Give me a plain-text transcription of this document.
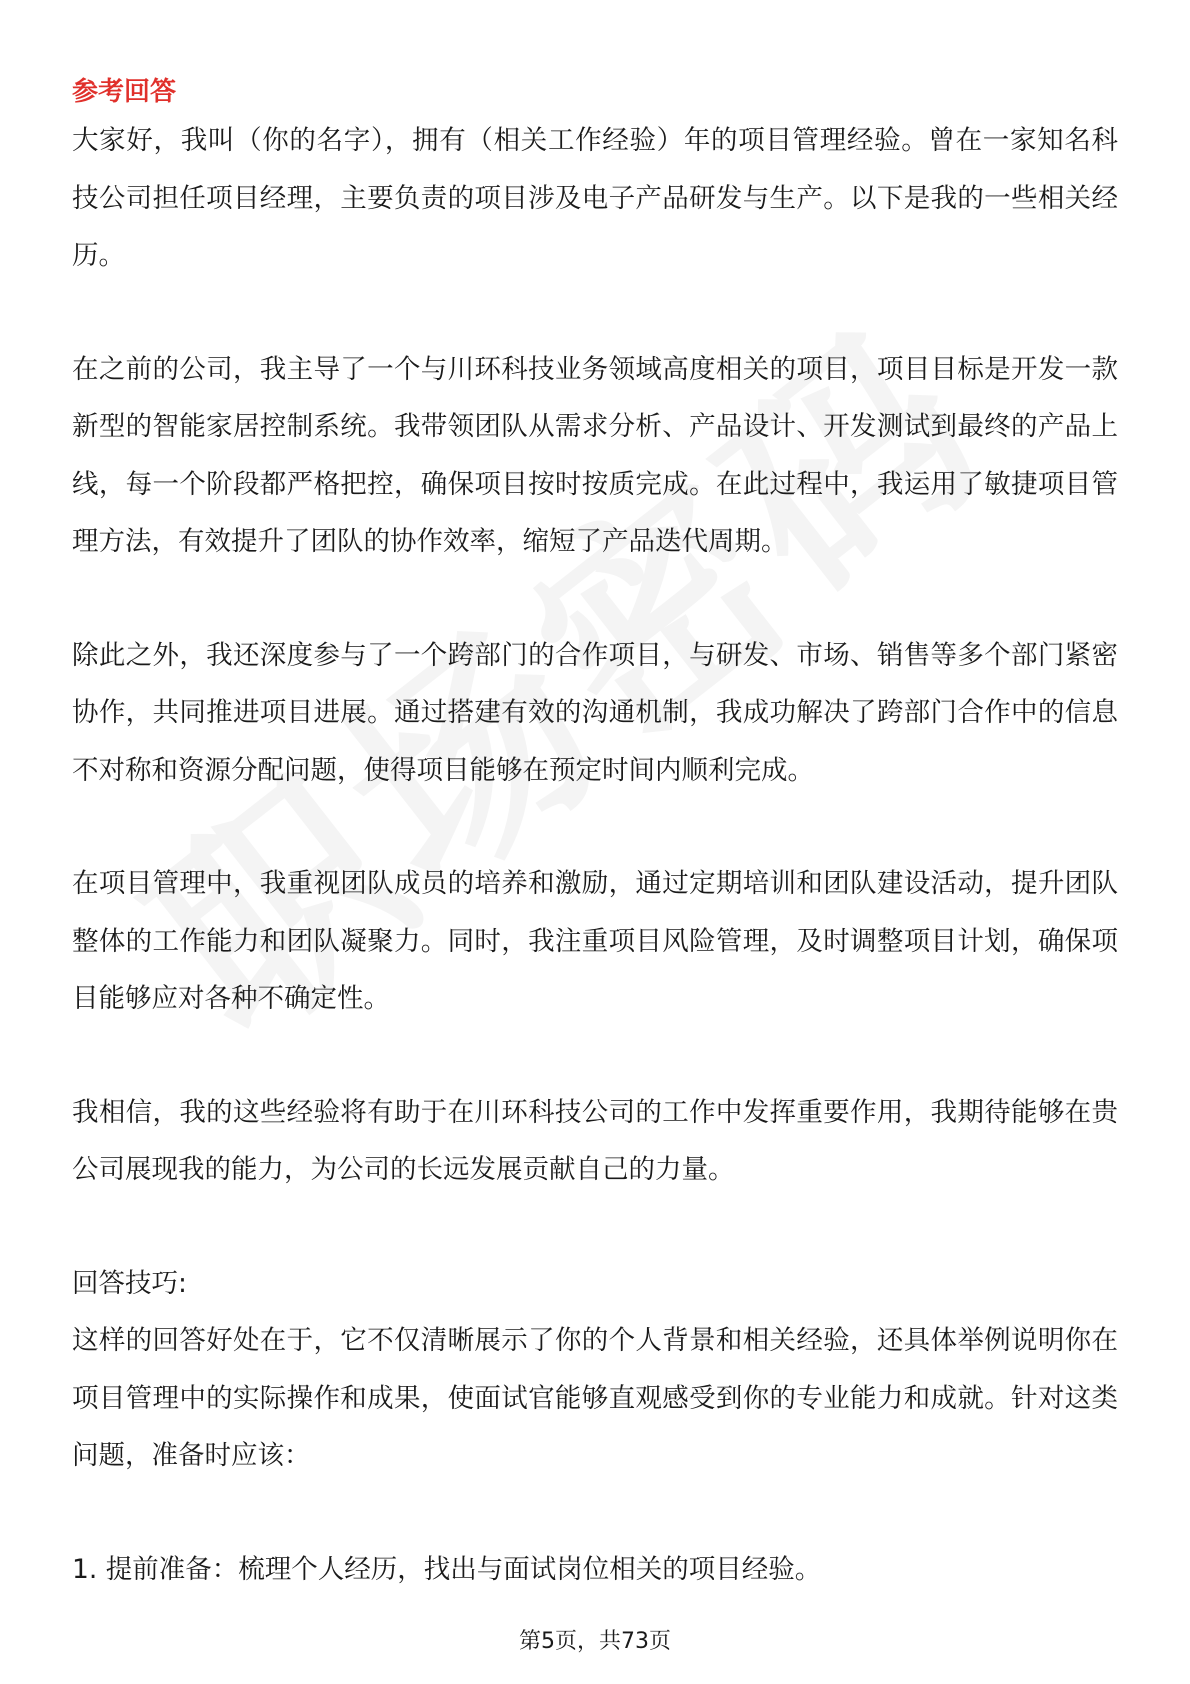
参考回答

大家好，我叫（你的名字），拥有（相关工作经验）年的项目管理经验。曾在一家知名科技公司担任项目经理，主要负责的项目涉及电子产品研发与生产。以下是我的一些相关经历。

在之前的公司，我主导了一个与川环科技业务领域高度相关的项目，项目目标是开发一款新型的智能家居控制系统。我带领团队从需求分析、产品设计、开发测试到最终的产品上线，每一个阶段都严格把控，确保项目按时按质完成。在此过程中，我运用了敏捷项目管理方法，有效提升了团队的协作效率，缩短了产品迭代周期。

除此之外，我还深度参与了一个跨部门的合作项目，与研发、市场、销售等多个部门紧密协作，共同推进项目进展。通过搭建有效的沟通机制，我成功解决了跨部门合作中的信息不对称和资源分配问题，使得项目能够在预定时间内顺利完成。

在项目管理中，我重视团队成员的培养和激励，通过定期培训和团队建设活动，提升团队整体的工作能力和团队凝聚力。同时，我注重项目风险管理，及时调整项目计划，确保项目能够应对各种不确定性。

我相信，我的这些经验将有助于在川环科技公司的工作中发挥重要作用，我期待能够在贵公司展现我的能力，为公司的长远发展贡献自己的力量。

回答技巧:

这样的回答好处在于，它不仅清晰展示了你的个人背景和相关经验，还具体举例说明你在项目管理中的实际操作和成果，使面试官能够直观感受到你的专业能力和成就。针对这类问题，准备时应该：

1. 提前准备：梳理个人经历，找出与面试岗位相关的项目经验。

第5页，共73页
